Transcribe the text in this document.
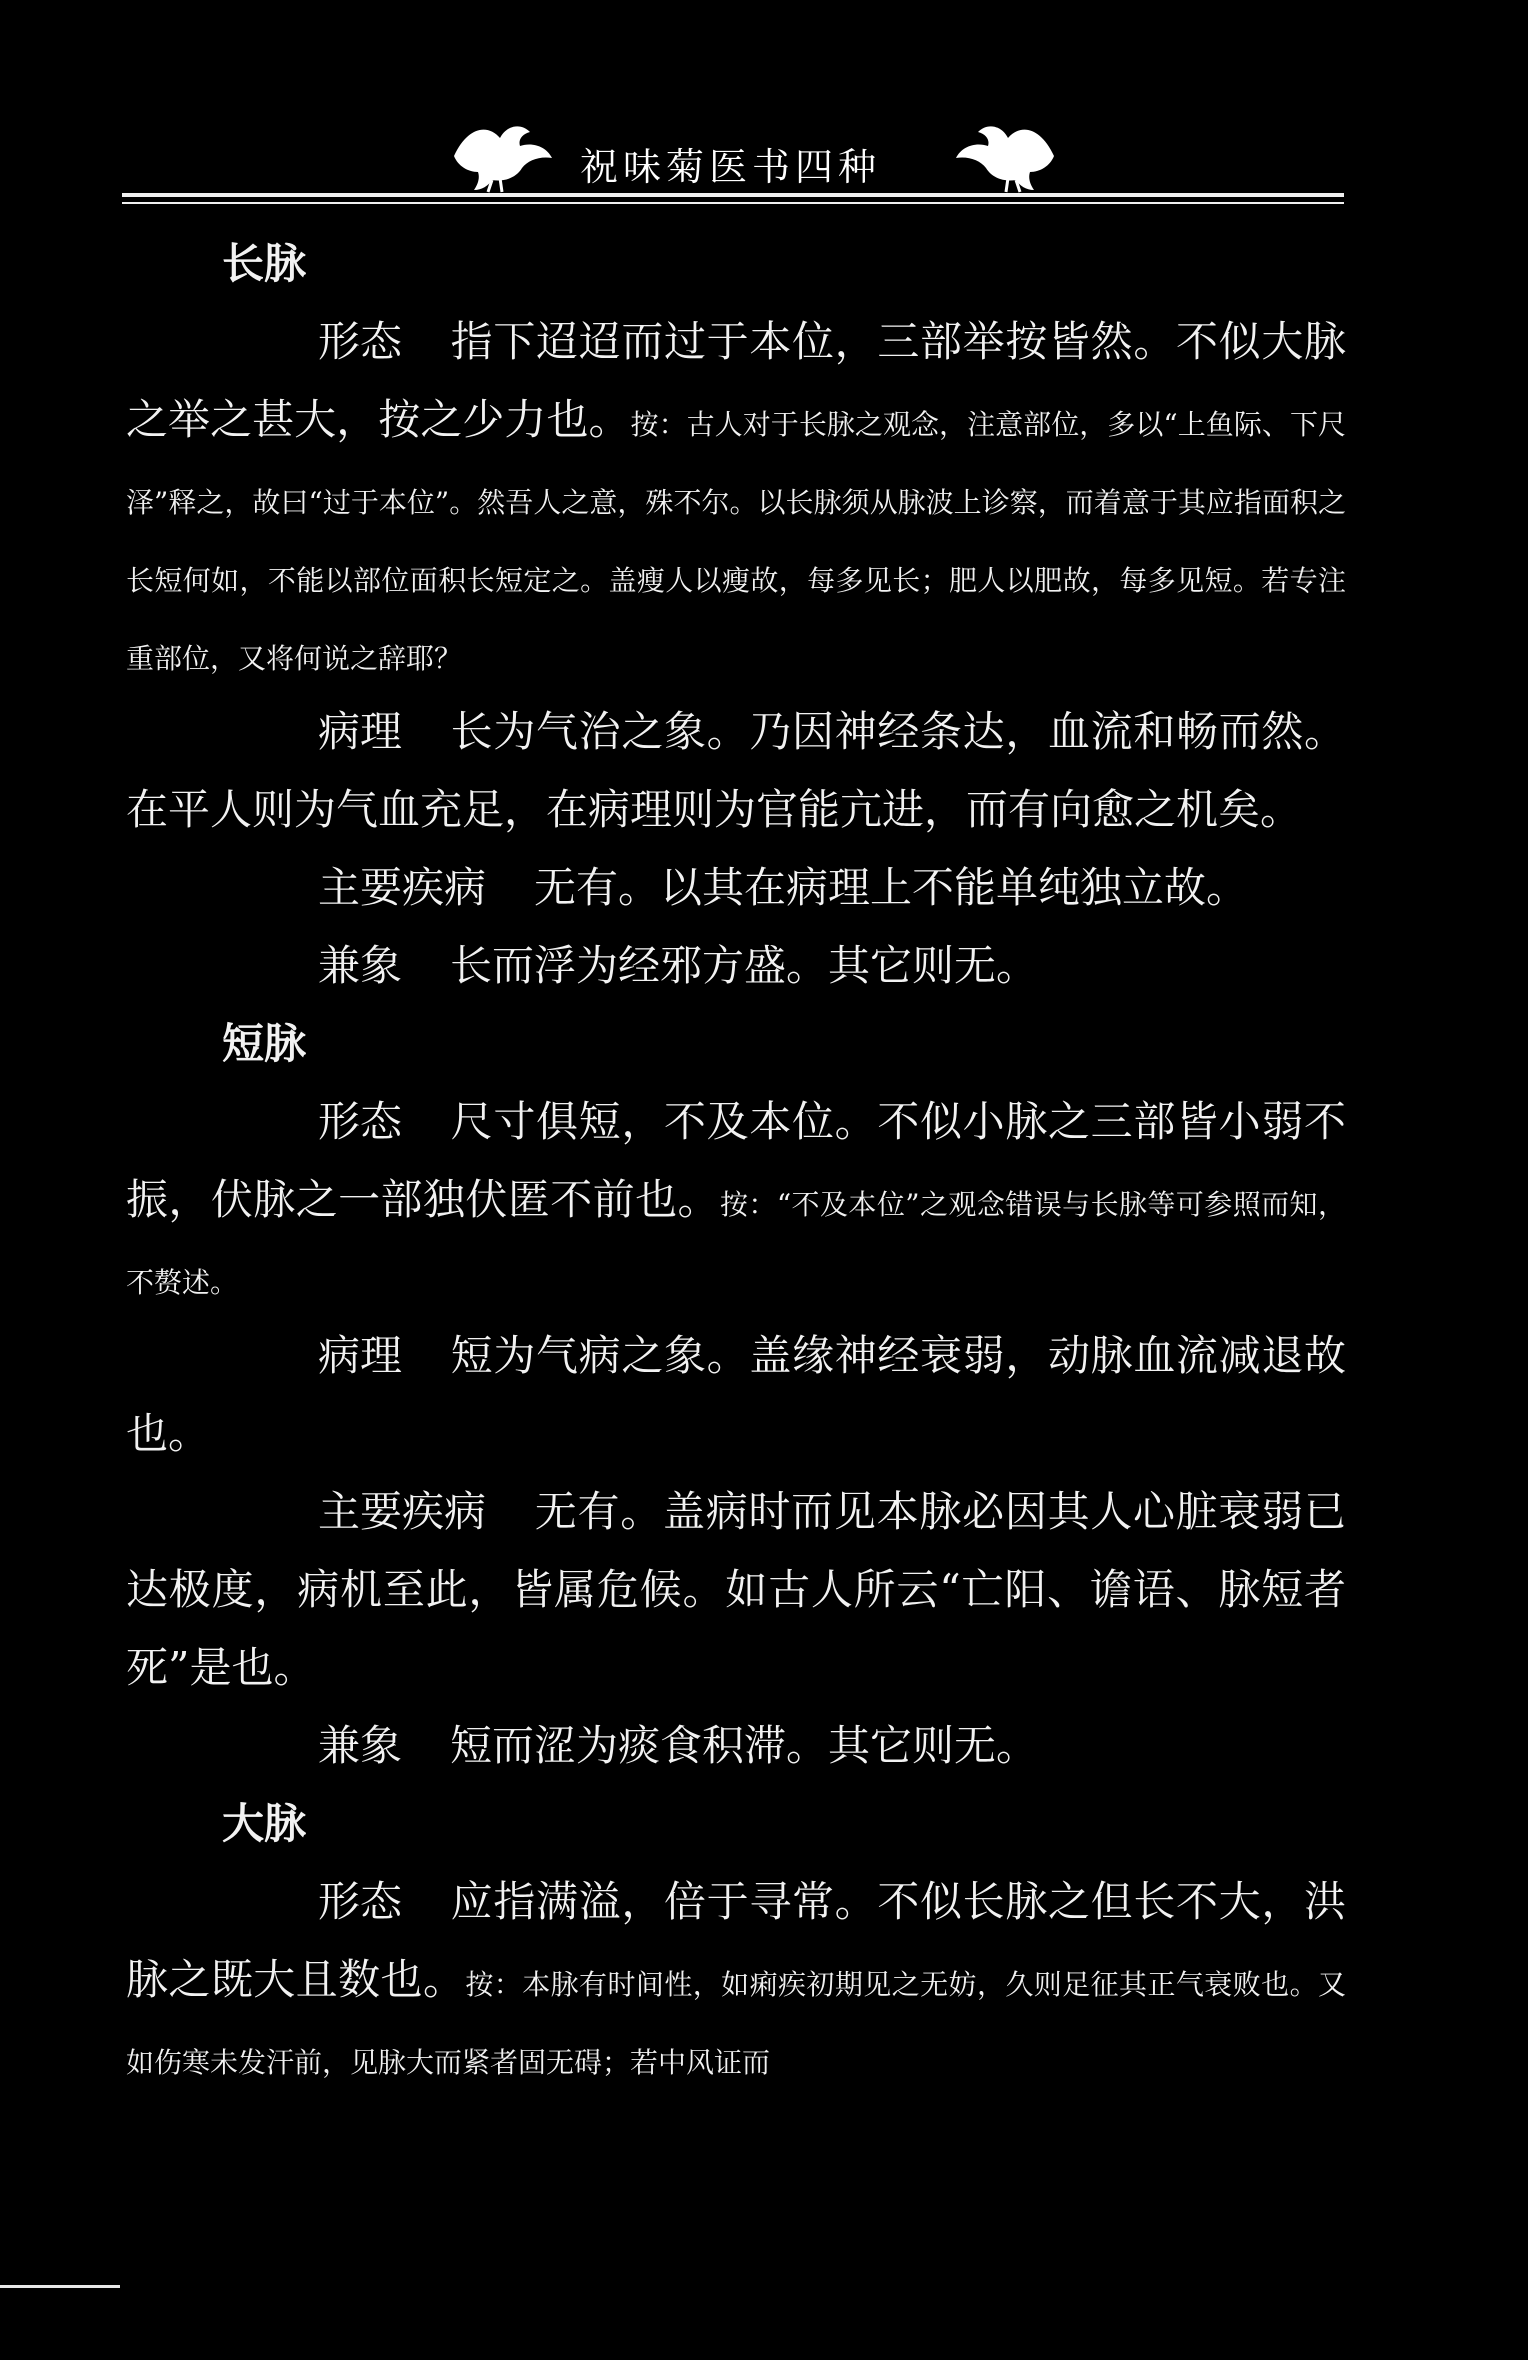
祝味菊医书四种

长脉

形态 指下迢迢而过于本位，三部举按皆然。不似大脉之举之甚大，按之少力也。按：古人对于长脉之观念，注意部位，多以“上鱼际、下尺泽”释之，故曰“过于本位”。然吾人之意，殊不尔。以长脉须从脉波上诊察，而着意于其应指面积之长短何如，不能以部位面积长短定之。盖瘦人以瘦故，每多见长；肥人以肥故，每多见短。若专注重部位，又将何说之辞耶？

病理 长为气治之象。乃因神经条达，血流和畅而然。在平人则为气血充足，在病理则为官能亢进，而有向愈之机矣。

主要疾病 无有。以其在病理上不能单纯独立故。

兼象 长而浮为经邪方盛。其它则无。

短脉

形态 尺寸俱短，不及本位。不似小脉之三部皆小弱不振，伏脉之一部独伏匿不前也。按：“不及本位”之观念错误与长脉等可参照而知，不赘述。

病理 短为气病之象。盖缘神经衰弱，动脉血流减退故也。

主要疾病 无有。盖病时而见本脉必因其人心脏衰弱已达极度，病机至此，皆属危候。如古人所云“亡阳、谵语、脉短者死”是也。

兼象 短而涩为痰食积滞。其它则无。

大脉

形态 应指满溢，倍于寻常。不似长脉之但长不大，洪脉之既大且数也。按：本脉有时间性，如痢疾初期见之无妨，久则足征其正气衰败也。又如伤寒未发汗前，见脉大而紧者固无碍；若中风证而
